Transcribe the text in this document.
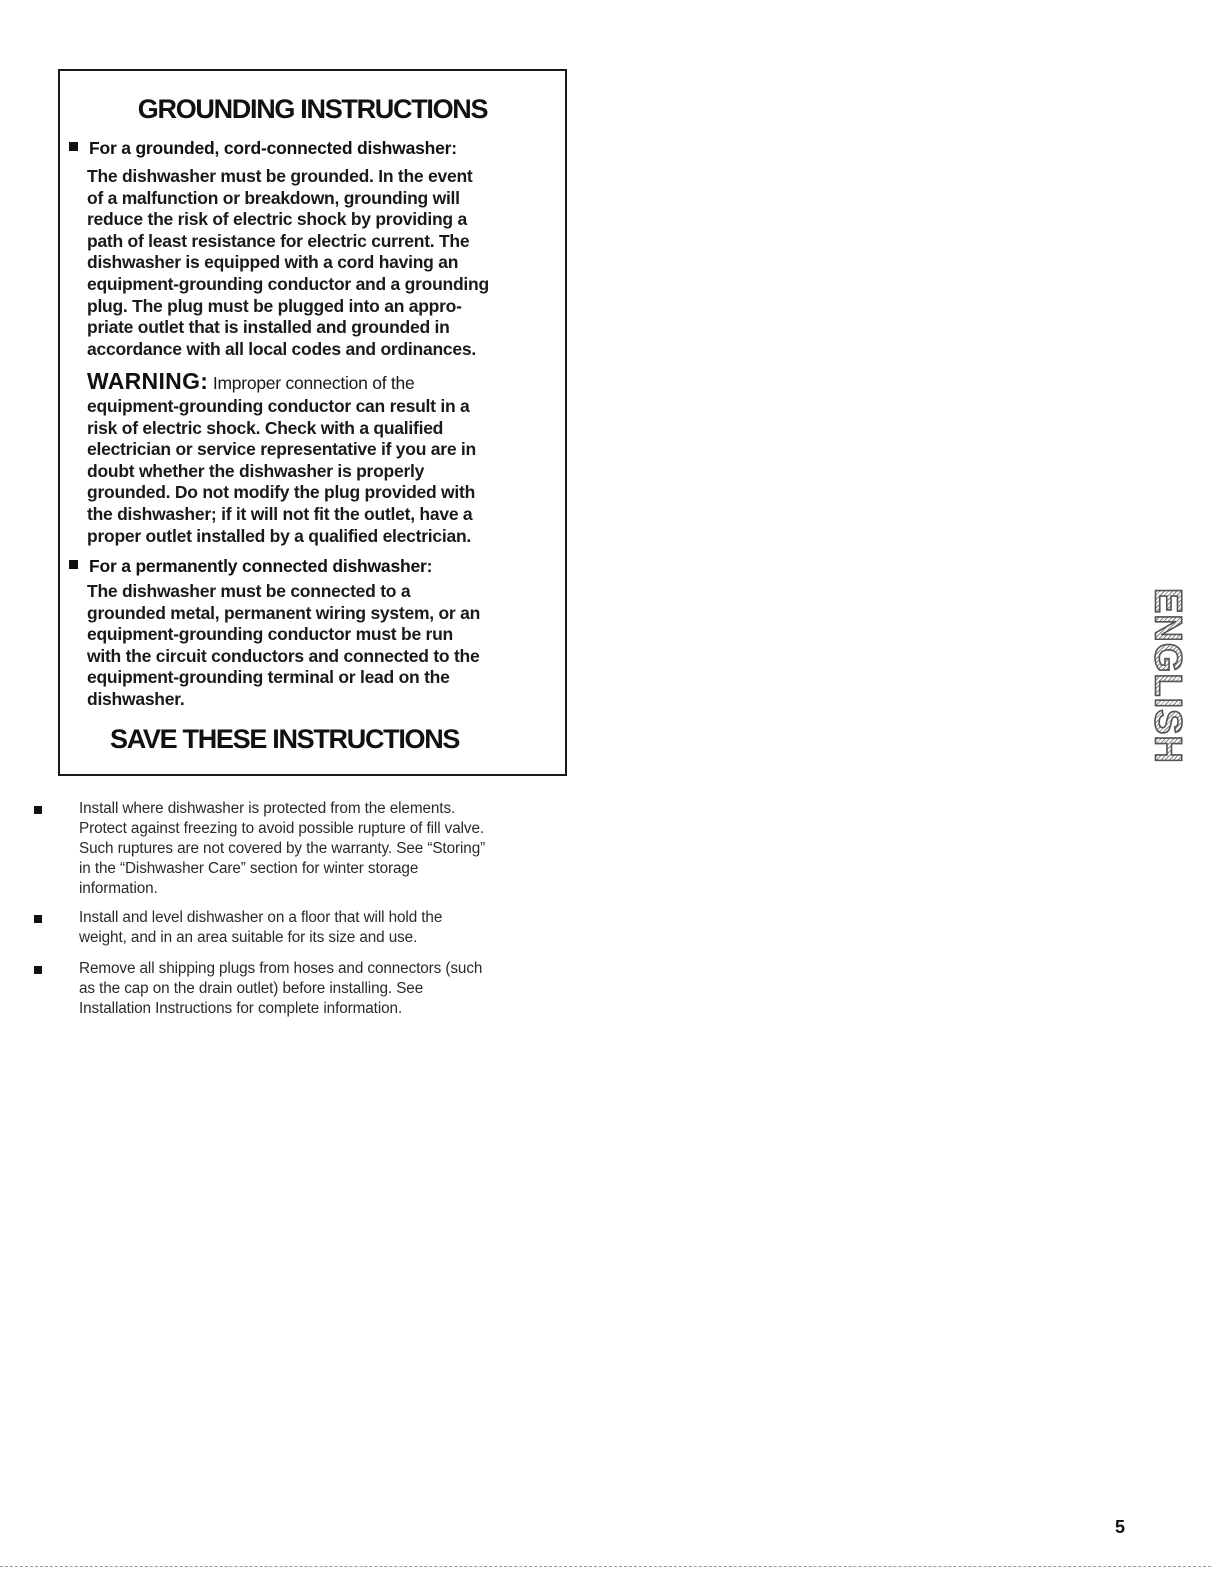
GROUNDING INSTRUCTIONS

For a grounded, cord-connected dishwasher:

The dishwasher must be grounded. In the event
of a malfunction or breakdown, grounding will
reduce the risk of electric shock by providing a
path of least resistance for electric current. The
dishwasher is equipped with a cord having an
equipment-grounding conductor and a grounding
plug. The plug must be plugged into an appro-
priate outlet that is installed and grounded in
accordance with all local codes and ordinances.

WARNING: Improper connection of the
equipment-grounding conductor can result in a
risk of electric shock. Check with a qualified
electrician or service representative if you are in
doubt whether the dishwasher is properly
grounded. Do not modify the plug provided with
the dishwasher; if it will not fit the outlet, have a
proper outlet installed by a qualified electrician.

For a permanently connected dishwasher:

The dishwasher must be connected to a
grounded metal, permanent wiring system, or an
equipment-grounding conductor must be run
with the circuit conductors and connected to the
equipment-grounding terminal or lead on the
dishwasher.

SAVE THESE INSTRUCTIONS

Install where dishwasher is protected from the elements.
Protect against freezing to avoid possible rupture of fill valve.
Such ruptures are not covered by the warranty. See “Storing”
in the “Dishwasher Care” section for winter storage
information.

Install and level dishwasher on a floor that will hold the
weight, and in an area suitable for its size and use.

Remove all shipping plugs from hoses and connectors (such
as the cap on the drain outlet) before installing. See
Installation Instructions for complete information.

ENGLISH
5
